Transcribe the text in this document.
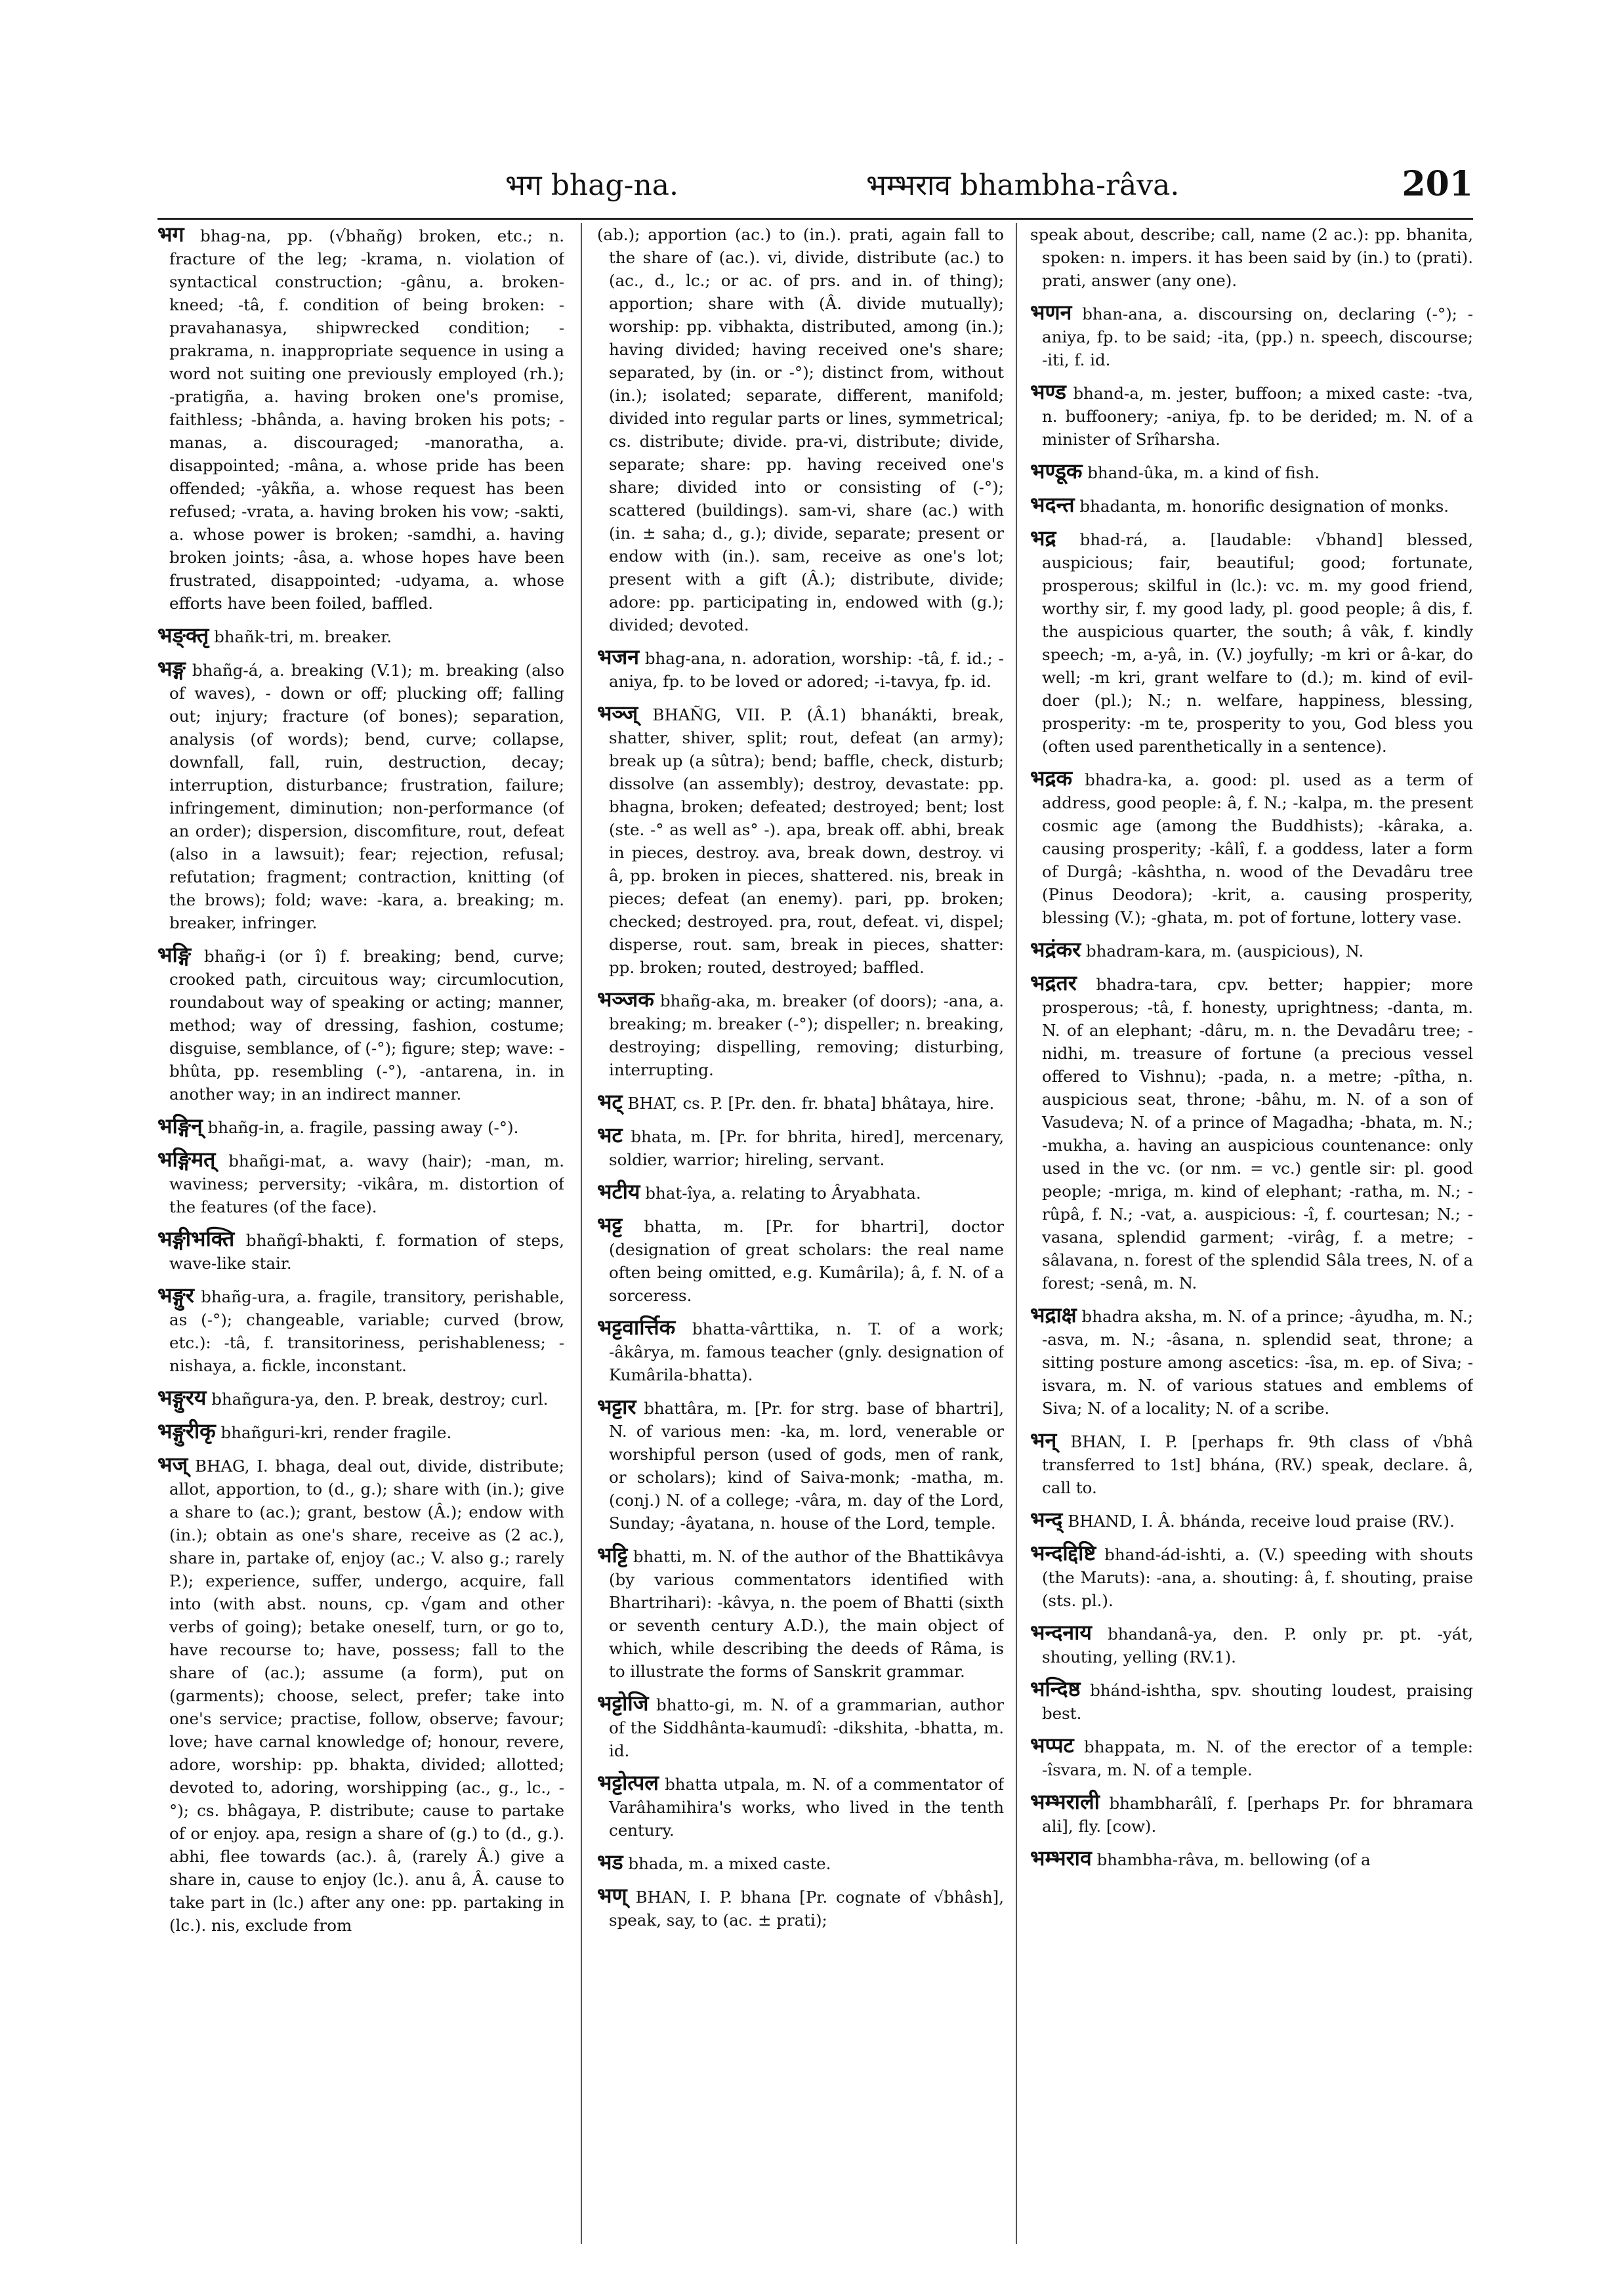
भग bhag-na.	भम्भराव bhambha-râva.	201

भग bhag-na, pp. (√bhañg) broken, etc.; n. fracture of the leg; -krama, n. violation of syntactical construction; -gânu, a. broken-kneed; -tâ, f. condition of being broken: -pravahanasya, shipwrecked condition; -prakrama, n. inappropriate sequence in using a word not suiting one previously employed (rh.); -pratigña, a. having broken one's promise, faithless; -bhânda, a. having broken his pots; -manas, a. discouraged; -manoratha, a. disappointed; -mâna, a. whose pride has been offended; -yâkña, a. whose request has been refused; -vrata, a. having broken his vow; -sakti, a. whose power is broken; -samdhi, a. having broken joints; -âsa, a. whose hopes have been frustrated, disappointed; -udyama, a. whose efforts have been foiled, baffled.

भङ्क्तृ bhañk-tri, m. breaker.

भङ्ग bhañg-á, a. breaking (V.1); m. breaking (also of waves), - down or off; plucking off; falling out; injury; fracture (of bones); separation, analysis (of words); bend, curve; collapse, downfall, fall, ruin, destruction, decay; interruption, disturbance; frustration, failure; infringement, diminution; non-performance (of an order); dispersion, discomfiture, rout, defeat (also in a lawsuit); fear; rejection, refusal; refutation; fragment; contraction, knitting (of the brows); fold; wave: -kara, a. breaking; m. breaker, infringer.

भङ्गि bhañg-i (or î) f. breaking; bend, curve; crooked path, circuitous way; circumlocution, roundabout way of speaking or acting; manner, method; way of dressing, fashion, costume; disguise, semblance, of (-°); figure; step; wave: -bhûta, pp. resembling (-°), -antarena, in. in another way; in an indirect manner.

भङ्गिन् bhañg-in, a. fragile, passing away (-°).

भङ्गिमत् bhañgi-mat, a. wavy (hair); -man, m. waviness; perversity; -vikâra, m. distortion of the features (of the face).

भङ्गीभक्ति bhañgî-bhakti, f. formation of steps, wave-like stair.

भङ्गुर bhañg-ura, a. fragile, transitory, perishable, as (-°); changeable, variable; curved (brow, etc.): -tâ, f. transitoriness, perishableness; -nishaya, a. fickle, inconstant.

भङ्गुरय bhañgura-ya, den. P. break, destroy; curl.

भङ्गुरीकृ bhañguri-kri, render fragile.

भज् BHAG, I. bhaga, deal out, divide, distribute; allot, apportion, to (d., g.); share with (in.); give a share to (ac.); grant, bestow (Â.); endow with (in.); obtain as one's share, receive as (2 ac.), share in, partake of, enjoy (ac.; V. also g.; rarely P.); experience, suffer, undergo, acquire, fall into (with abst. nouns, cp. √gam and other verbs of going); betake oneself, turn, or go to, have recourse to; have, possess; fall to the share of (ac.); assume (a form), put on (garments); choose, select, prefer; take into one's service; practise, follow, observe; favour; love; have carnal knowledge of; honour, revere, adore, worship: pp. bhakta, divided; allotted; devoted to, adoring, worshipping (ac., g., lc., -°); cs. bhâgaya, P. distribute; cause to partake of or enjoy. apa, resign a share of (g.) to (d., g.). abhi, flee towards (ac.). â, (rarely Â.) give a share in, cause to enjoy (lc.). anu â, Â. cause to take part in (lc.) after any one: pp. partaking in (lc.). nis, exclude from

(ab.); apportion (ac.) to (in.). prati, again fall to the share of (ac.). vi, divide, distribute (ac.) to (ac., d., lc.; or ac. of prs. and in. of thing); apportion; share with (Â. divide mutually); worship: pp. vibhakta, distributed, among (in.); having divided; having received one's share; separated, by (in. or -°); distinct from, without (in.); isolated; separate, different, manifold; divided into regular parts or lines, symmetrical; cs. distribute; divide. pra-vi, distribute; divide, separate; share: pp. having received one's share; divided into or consisting of (-°); scattered (buildings). sam-vi, share (ac.) with (in. ± saha; d., g.); divide, separate; present or endow with (in.). sam, receive as one's lot; present with a gift (Â.); distribute, divide; adore: pp. participating in, endowed with (g.); divided; devoted.

भजन bhag-ana, n. adoration, worship: -tâ, f. id.; -aniya, fp. to be loved or adored; -i-tavya, fp. id.

भञ्ज् BHAÑG, VII. P. (Â.1) bhanákti, break, shatter, shiver, split; rout, defeat (an army); break up (a sûtra); bend; baffle, check, disturb; dissolve (an assembly); destroy, devastate: pp. bhagna, broken; defeated; destroyed; bent; lost (ste. -° as well as° -). apa, break off. abhi, break in pieces, destroy. ava, break down, destroy. vi â, pp. broken in pieces, shattered. nis, break in pieces; defeat (an enemy). pari, pp. broken; checked; destroyed. pra, rout, defeat. vi, dispel; disperse, rout. sam, break in pieces, shatter: pp. broken; routed, destroyed; baffled.

भञ्जक bhañg-aka, m. breaker (of doors); -ana, a. breaking; m. breaker (-°); dispeller; n. breaking, destroying; dispelling, removing; disturbing, interrupting.

भट् BHAT, cs. P. [Pr. den. fr. bhata] bhâtaya, hire.

भट bhata, m. [Pr. for bhrita, hired], mercenary, soldier, warrior; hireling, servant.

भटीय bhat-îya, a. relating to Âryabhata.

भट्ट bhatta, m. [Pr. for bhartri], doctor (designation of great scholars: the real name often being omitted, e.g. Kumârila); â, f. N. of a sorceress.

भट्टवार्त्तिक bhatta-vârttika, n. T. of a work; -âkârya, m. famous teacher (gnly. designation of Kumârila-bhatta).

भट्टार bhattâra, m. [Pr. for strg. base of bhartri], N. of various men: -ka, m. lord, venerable or worshipful person (used of gods, men of rank, or scholars); kind of Saiva-monk; -matha, m. (conj.) N. of a college; -vâra, m. day of the Lord, Sunday; -âyatana, n. house of the Lord, temple.

भट्टि bhatti, m. N. of the author of the Bhattikâvya (by various commentators identified with Bhartrihari): -kâvya, n. the poem of Bhatti (sixth or seventh century A.D.), the main object of which, while describing the deeds of Râma, is to illustrate the forms of Sanskrit grammar.

भट्टोजि bhatto-gi, m. N. of a grammarian, author of the Siddhânta-kaumudî: -dikshita, -bhatta, m. id.

भट्टोत्पल bhatta utpala, m. N. of a commentator of Varâhamihira's works, who lived in the tenth century.

भड bhada, m. a mixed caste.

भण् BHAN, I. P. bhana [Pr. cognate of √bhâsh], speak, say, to (ac. ± prati);

speak about, describe; call, name (2 ac.): pp. bhanita, spoken: n. impers. it has been said by (in.) to (prati). prati, answer (any one).

भणन bhan-ana, a. discoursing on, declaring (-°); -aniya, fp. to be said; -ita, (pp.) n. speech, discourse; -iti, f. id.

भण्ड bhand-a, m. jester, buffoon; a mixed caste: -tva, n. buffoonery; -aniya, fp. to be derided; m. N. of a minister of Srîharsha.

भण्डूक bhand-ûka, m. a kind of fish.

भदन्त bhadanta, m. honorific designation of monks.

भद्र bhad-rá, a. [laudable: √bhand] blessed, auspicious; fair, beautiful; good; fortunate, prosperous; skilful in (lc.): vc. m. my good friend, worthy sir, f. my good lady, pl. good people; â dis, f. the auspicious quarter, the south; â vâk, f. kindly speech; -m, a-yâ, in. (V.) joyfully; -m kri or â-kar, do well; -m kri, grant welfare to (d.); m. kind of evil-doer (pl.); N.; n. welfare, happiness, blessing, prosperity: -m te, prosperity to you, God bless you (often used parenthetically in a sentence).

भद्रक bhadra-ka, a. good: pl. used as a term of address, good people: â, f. N.; -kalpa, m. the present cosmic age (among the Buddhists); -kâraka, a. causing prosperity; -kâlî, f. a goddess, later a form of Durgâ; -kâshtha, n. wood of the Devadâru tree (Pinus Deodora); -krit, a. causing prosperity, blessing (V.); -ghata, m. pot of fortune, lottery vase.

भद्रंकर bhadram-kara, m. (auspicious), N.

भद्रतर bhadra-tara, cpv. better; happier; more prosperous; -tâ, f. honesty, uprightness; -danta, m. N. of an elephant; -dâru, m. n. the Devadâru tree; -nidhi, m. treasure of fortune (a precious vessel offered to Vishnu); -pada, n. a metre; -pîtha, n. auspicious seat, throne; -bâhu, m. N. of a son of Vasudeva; N. of a prince of Magadha; -bhata, m. N.; -mukha, a. having an auspicious countenance: only used in the vc. (or nm. = vc.) gentle sir: pl. good people; -mriga, m. kind of elephant; -ratha, m. N.; -rûpâ, f. N.; -vat, a. auspicious: -î, f. courtesan; N.; -vasana, splendid garment; -virâg, f. a metre; -sâlavana, n. forest of the splendid Sâla trees, N. of a forest; -senâ, m. N.

भद्राक्ष bhadra aksha, m. N. of a prince; -âyudha, m. N.; -asva, m. N.; -âsana, n. splendid seat, throne; a sitting posture among ascetics: -îsa, m. ep. of Siva; -isvara, m. N. of various statues and emblems of Siva; N. of a locality; N. of a scribe.

भन् BHAN, I. P. [perhaps fr. 9th class of √bhâ transferred to 1st] bhána, (RV.) speak, declare. â, call to.

भन्द् BHAND, I. Â. bhánda, receive loud praise (RV.).

भन्दद्दिष्टि bhand-ád-ishti, a. (V.) speeding with shouts (the Maruts): -ana, a. shouting: â, f. shouting, praise (sts. pl.).

भन्दनाय bhandanâ-ya, den. P. only pr. pt. -yát, shouting, yelling (RV.1).

भन्दिष्ठ bhánd-ishtha, spv. shouting loudest, praising best.

भप्पट bhappata, m. N. of the erector of a temple: -îsvara, m. N. of a temple.

भम्भराली bhambharâlî, f. [perhaps Pr. for bhramara ali], fly. [cow).

भम्भराव bhambha-râva, m. bellowing (of a
